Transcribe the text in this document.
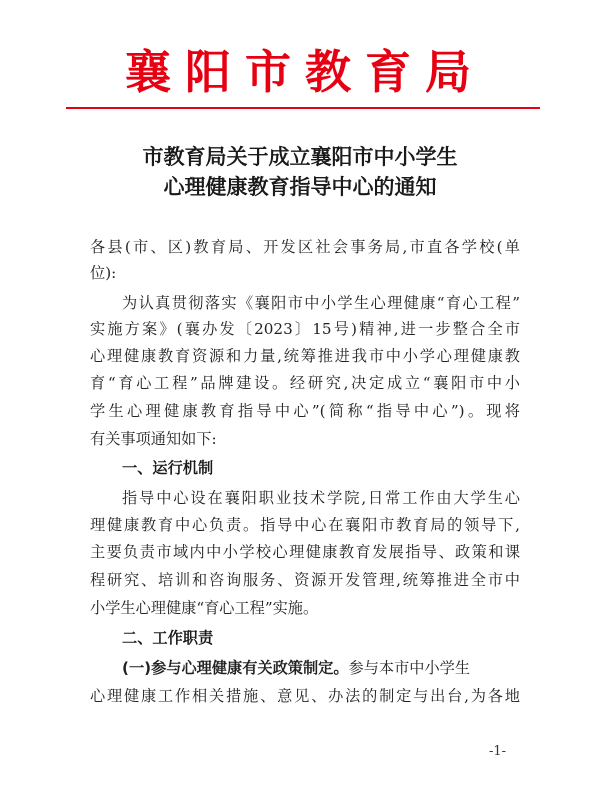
襄阳市教育局
市教育局关于成立襄阳市中小学生
心理健康教育指导中心的通知
各县(市、区)教育局、开发区社会事务局,市直各学校(单
位):
为认真贯彻落实《襄阳市中小学生心理健康“育心工程”
实施方案》(襄办发〔2023〕15号)精神,进一步整合全市
心理健康教育资源和力量,统筹推进我市中小学心理健康教
育“育心工程”品牌建设。经研究,决定成立“襄阳市中小
学生心理健康教育指导中心”(简称“指导中心”)。现将
有关事项通知如下:
一、运行机制
指导中心设在襄阳职业技术学院,日常工作由大学生心
理健康教育中心负责。指导中心在襄阳市教育局的领导下,
主要负责市域内中小学校心理健康教育发展指导、政策和课
程研究、培训和咨询服务、资源开发管理,统筹推进全市中
小学生心理健康“育心工程”实施。
二、工作职责
(一)参与心理健康有关政策制定。参与本市中小学生
心理健康工作相关措施、意见、办法的制定与出台,为各地
-1-
